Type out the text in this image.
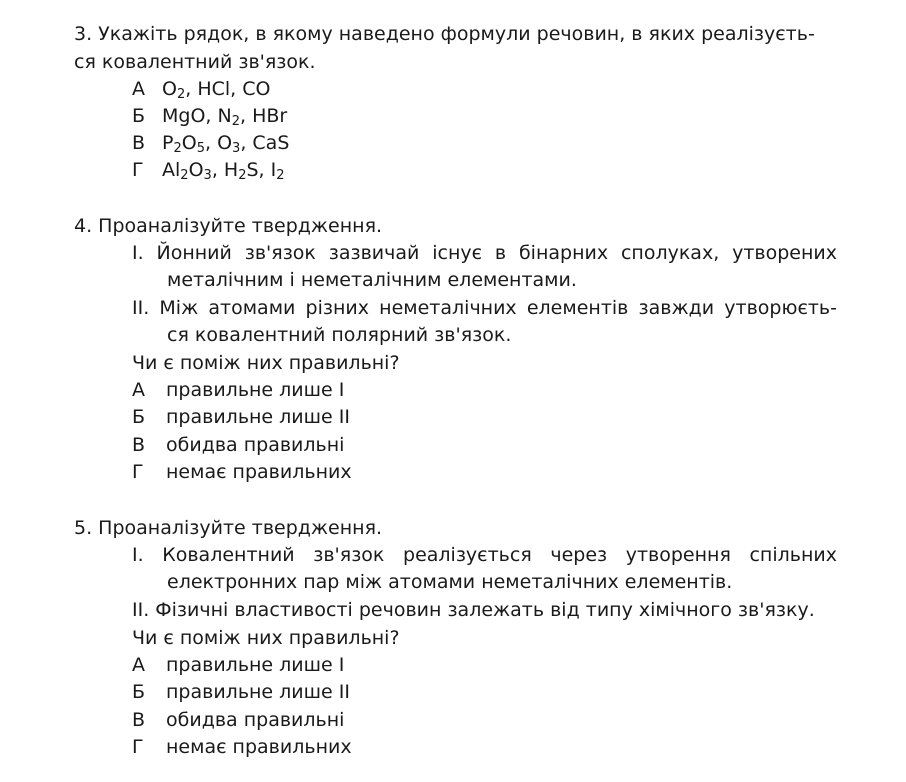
3. Укажіть рядок, в якому наведено формули речовин, в яких реалізуєть-
ся ковалентний зв'язок.
А $O_2$, HCl, CO
Б MgO, $N_2$, HBr
В $P_2O_5$, $O_3$, CaS
Г $Al_2O_3$, $H_2S$, $I_2$
4. Проаналізуйте твердження.
I. Йонний зв'язок зазвичай існує в бінарних сполуках, утворених
металічним і неметалічним елементами.
II. Між атомами різних неметалічних елементів завжди утворюєть-
ся ковалентний полярний зв'язок.
Чи є поміж них правильні?
А правильне лише I
Б правильне лише II
В обидва правильні
Г немає правильних
5. Проаналізуйте твердження.
I. Ковалентний зв'язок реалізується через утворення спільних
електронних пар між атомами неметалічних елементів.
II. Фізичні властивості речовин залежать від типу хімічного зв'язку.
Чи є поміж них правильні?
А правильне лише I
Б правильне лише II
В обидва правильні
Г немає правильних
